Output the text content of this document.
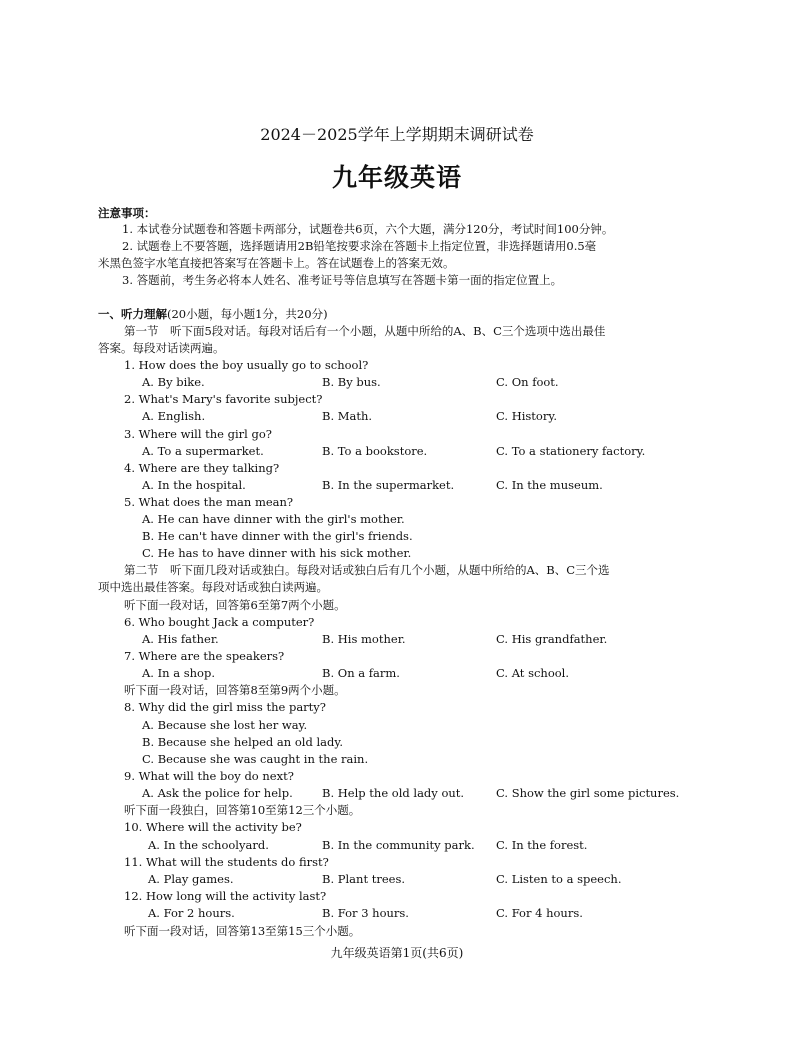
2024－2025学年上学期期末调研试卷
九年级英语
注意事项：
1. 本试卷分试题卷和答题卡两部分，试题卷共6页，六个大题，满分120分，考试时间100分钟。
2. 试题卷上不要答题，选择题请用2B铅笔按要求涂在答题卡上指定位置，非选择题请用0.5毫
米黑色签字水笔直接把答案写在答题卡上。答在试题卷上的答案无效。
3. 答题前，考生务必将本人姓名、准考证号等信息填写在答题卡第一面的指定位置上。
一、听力理解(20小题，每小题1分，共20分)
第一节　听下面5段对话。每段对话后有一个小题，从题中所给的A、B、C三个选项中选出最佳
答案。每段对话读两遍。
1. How does the boy usually go to school?
A. By bike.	B. By bus.	C. On foot.
2. What's Mary's favorite subject?
A. English.	B. Math.	C. History.
3. Where will the girl go?
A. To a supermarket.	B. To a bookstore.	C. To a stationery factory.
4. Where are they talking?
A. In the hospital.	B. In the supermarket.	C. In the museum.
5. What does the man mean?
A. He can have dinner with the girl's mother.
B. He can't have dinner with the girl's friends.
C. He has to have dinner with his sick mother.
第二节　听下面几段对话或独白。每段对话或独白后有几个小题，从题中所给的A、B、C三个选
项中选出最佳答案。每段对话或独白读两遍。
听下面一段对话，回答第6至第7两个小题。
6. Who bought Jack a computer?
A. His father.	B. His mother.	C. His grandfather.
7. Where are the speakers?
A. In a shop.	B. On a farm.	C. At school.
听下面一段对话，回答第8至第9两个小题。
8. Why did the girl miss the party?
A. Because she lost her way.
B. Because she helped an old lady.
C. Because she was caught in the rain.
9. What will the boy do next?
A. Ask the police for help.	B. Help the old lady out.	C. Show the girl some pictures.
听下面一段独白，回答第10至第12三个小题。
10. Where will the activity be?
A. In the schoolyard.	B. In the community park. C. In the forest.
11. What will the students do first?
A. Play games.	B. Plant trees.	C. Listen to a speech.
12. How long will the activity last?
A. For 2 hours.	B. For 3 hours.	C. For 4 hours.
听下面一段对话，回答第13至第15三个小题。
九年级英语第1页(共6页)
